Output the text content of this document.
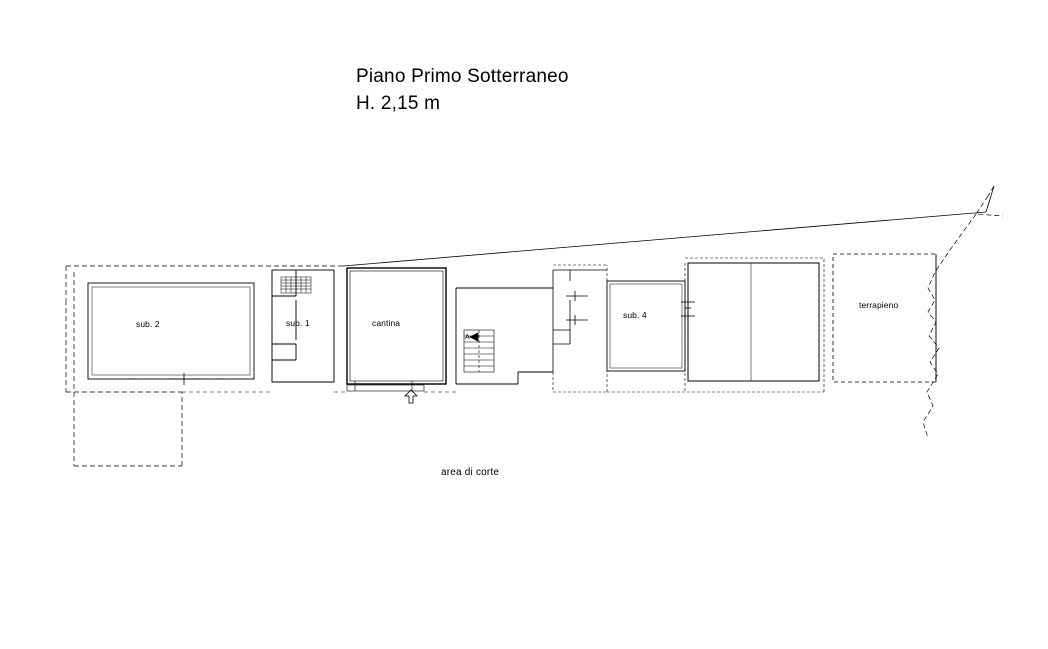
Piano Primo Sotterraneo
H. 2,15 m
sub. 2	sub. 1	cantina
sub. 4
terrapieno
area di corte
A
